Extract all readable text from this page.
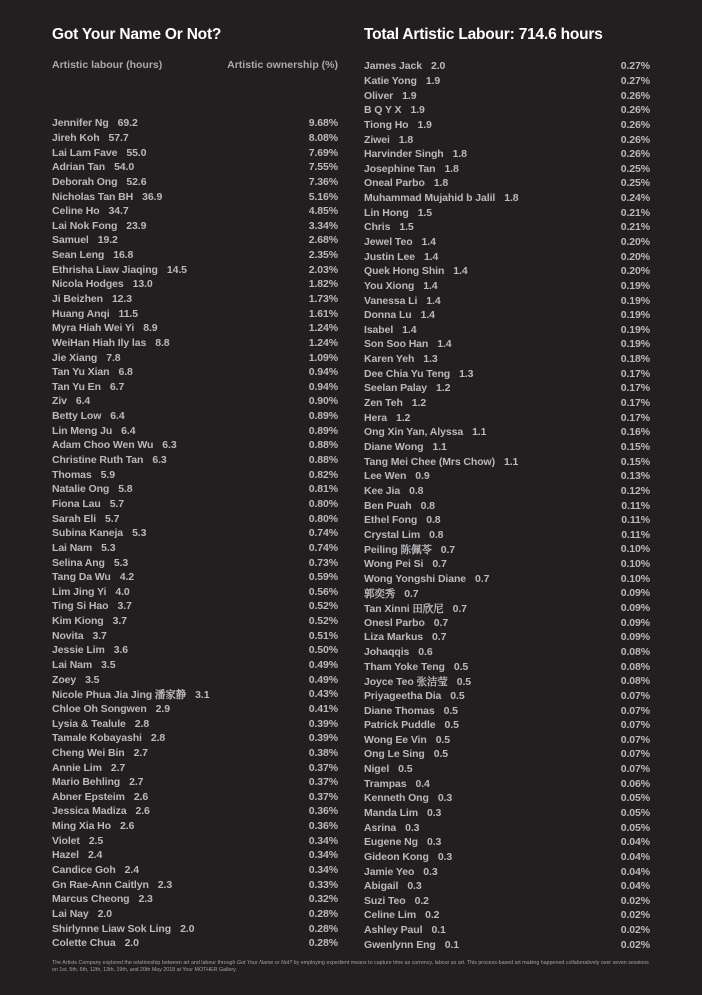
Got Your Name Or Not?	Total Artistic Labour: 714.6 hours
Artistic labour (hours)	Artistic ownership (%)
Jennifer Ng 69.2	9.68%
Jireh Koh 57.7	8.08%
Lai Lam Fave 55.0	7.69%
Adrian Tan 54.0	7.55%
Deborah Ong 52.6	7.36%
Nicholas Tan BH 36.9	5.16%
Celine Ho 34.7	4.85%
Lai Nok Fong 23.9	3.34%
Samuel 19.2	2.68%
Sean Leng 16.8	2.35%
Ethrisha Liaw Jiaqing 14.5	2.03%
Nicola Hodges 13.0	1.82%
Ji Beizhen 12.3	1.73%
Huang Anqi 11.5	1.61%
Myra Hiah Wei Yi 8.9	1.24%
WeiHan Hiah Ily las 8.8	1.24%
Jie Xiang 7.8	1.09%
Tan Yu Xian 6.8	0.94%
Tan Yu En 6.7	0.94%
Ziv 6.4	0.90%
Betty Low 6.4	0.89%
Lin Meng Ju 6.4	0.89%
Adam Choo Wen Wu 6.3	0.88%
Christine Ruth Tan 6.3	0.88%
Thomas 5.9	0.82%
Natalie Ong 5.8	0.81%
Fiona Lau 5.7	0.80%
Sarah Eli 5.7	0.80%
Subina Kaneja 5.3	0.74%
Lai Nam 5.3	0.74%
Selina Ang 5.3	0.73%
Tang Da Wu 4.2	0.59%
Lim Jing Yi 4.0	0.56%
Ting Si Hao 3.7	0.52%
Kim Kiong 3.7	0.52%
Novita 3.7	0.51%
Jessie Lim 3.6	0.50%
Lai Nam 3.5	0.49%
Zoey 3.5	0.49%
Nicole Phua Jia Jing 潘家静 3.1	0.43%
Chloe Oh Songwen 2.9	0.41%
Lysia & Tealule 2.8	0.39%
Tamale Kobayashi 2.8	0.39%
Cheng Wei Bin 2.7	0.38%
Annie Lim 2.7	0.37%
Mario Behling 2.7	0.37%
Abner Epsteim 2.6	0.37%
Jessica Madiza 2.6	0.36%
Ming Xia Ho 2.6	0.36%
Violet 2.5	0.34%
Hazel 2.4	0.34%
Candice Goh 2.4	0.34%
Gn Rae-Ann Caitlyn 2.3	0.33%
Marcus Cheong 2.3	0.32%
Lai Nay 2.0	0.28%
Shirlynne Liaw Sok Ling 2.0	0.28%
Colette Chua 2.0	0.28%
James Jack 2.0	0.27%
Katie Yong 1.9	0.27%
Oliver 1.9	0.26%
B Q Y X 1.9	0.26%
Tiong Ho 1.9	0.26%
Ziwei 1.8	0.26%
Harvinder Singh 1.8	0.26%
Josephine Tan 1.8	0.25%
Oneal Parbo 1.8	0.25%
Muhammad Mujahid b Jalil 1.8	0.24%
Lin Hong 1.5	0.21%
Chris 1.5	0.21%
Jewel Teo 1.4	0.20%
Justin Lee 1.4	0.20%
Quek Hong Shin 1.4	0.20%
You Xiong 1.4	0.19%
Vanessa Li 1.4	0.19%
Donna Lu 1.4	0.19%
Isabel 1.4	0.19%
Son Soo Han 1.4	0.19%
Karen Yeh 1.3	0.18%
Dee Chia Yu Teng 1.3	0.17%
Seelan Palay 1.2	0.17%
Zen Teh 1.2	0.17%
Hera 1.2	0.17%
Ong Xin Yan, Alyssa 1.1	0.16%
Diane Wong 1.1	0.15%
Tang Mei Chee (Mrs Chow) 1.1	0.15%
Lee Wen 0.9	0.13%
Kee Jia 0.8	0.12%
Ben Puah 0.8	0.11%
Ethel Fong 0.8	0.11%
Crystal Lim 0.8	0.11%
Peiling 陈佩苓 0.7	0.10%
Wong Pei Si 0.7	0.10%
Wong Yongshi Diane 0.7	0.10%
郭奕秀 0.7	0.09%
Tan Xinni 田欣尼 0.7	0.09%
Onesl Parbo 0.7	0.09%
Liza Markus 0.7	0.09%
Johaqqis 0.6	0.08%
Tham Yoke Teng 0.5	0.08%
Joyce Teo 张洁莹 0.5	0.08%
Priyageetha Dia 0.5	0.07%
Diane Thomas 0.5	0.07%
Patrick Puddle 0.5	0.07%
Wong Ee Vin 0.5	0.07%
Ong Le Sing 0.5	0.07%
Nigel 0.5	0.07%
Trampas 0.4	0.06%
Kenneth Ong 0.3	0.05%
Manda Lim 0.3	0.05%
Asrina 0.3	0.05%
Eugene Ng 0.3	0.04%
Gideon Kong 0.3	0.04%
Jamie Yeo 0.3	0.04%
Abigail 0.3	0.04%
Suzi Teo 0.2	0.02%
Celine Lim 0.2	0.02%
Ashley Paul 0.1	0.02%
Gwenlynn Eng 0.1	0.02%
The Artists Company explored the relationship between art and labour through Got Your Name or Not? by employing expedient means to capture time as currency, labour as art. This process-based art making happened collaboratively over seven sessions on 1st, 5th, 6th, 12th, 13th, 19th, and 20th May 2018 at Your MOTHER Gallery.
